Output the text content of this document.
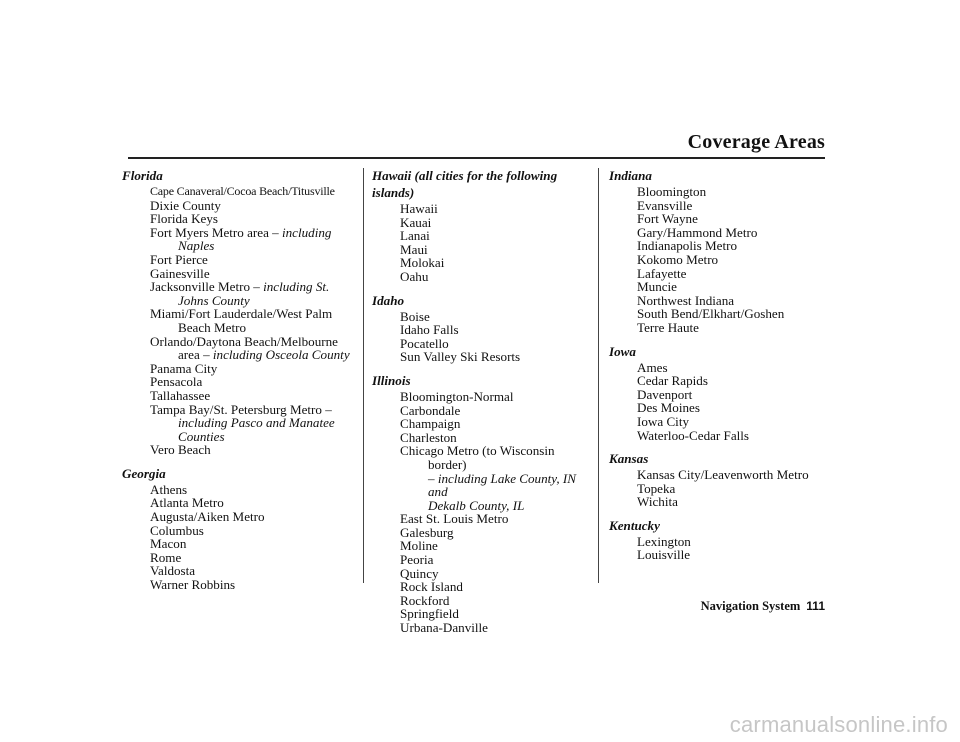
Coverage Areas
Florida
Cape Canaveral/Cocoa Beach/Titusville
Dixie County
Florida Keys
Fort Myers Metro area – including
Naples
Fort Pierce
Gainesville
Jacksonville Metro – including St.
Johns County
Miami/Fort Lauderdale/West Palm
Beach Metro
Orlando/Daytona Beach/Melbourne
area – including Osceola County
Panama City
Pensacola
Tallahassee
Tampa Bay/St. Petersburg Metro –
including Pasco and Manatee
Counties
Vero Beach
Georgia
Athens
Atlanta Metro
Augusta/Aiken Metro
Columbus
Macon
Rome
Valdosta
Warner Robbins
Hawaii (all cities for the following
islands)
Hawaii
Kauai
Lanai
Maui
Molokai
Oahu
Idaho
Boise
Idaho Falls
Pocatello
Sun Valley Ski Resorts
Illinois
Bloomington-Normal
Carbondale
Champaign
Charleston
Chicago Metro (to Wisconsin border)
– including Lake County, IN and
Dekalb County, IL
East St. Louis Metro
Galesburg
Moline
Peoria
Quincy
Rock Island
Rockford
Springfield
Urbana-Danville
Indiana
Bloomington
Evansville
Fort Wayne
Gary/Hammond Metro
Indianapolis Metro
Kokomo Metro
Lafayette
Muncie
Northwest Indiana
South Bend/Elkhart/Goshen
Terre Haute
Iowa
Ames
Cedar Rapids
Davenport
Des Moines
Iowa City
Waterloo-Cedar Falls
Kansas
Kansas City/Leavenworth Metro
Topeka
Wichita
Kentucky
Lexington
Louisville
Navigation System 111
carmanualsonline.info
